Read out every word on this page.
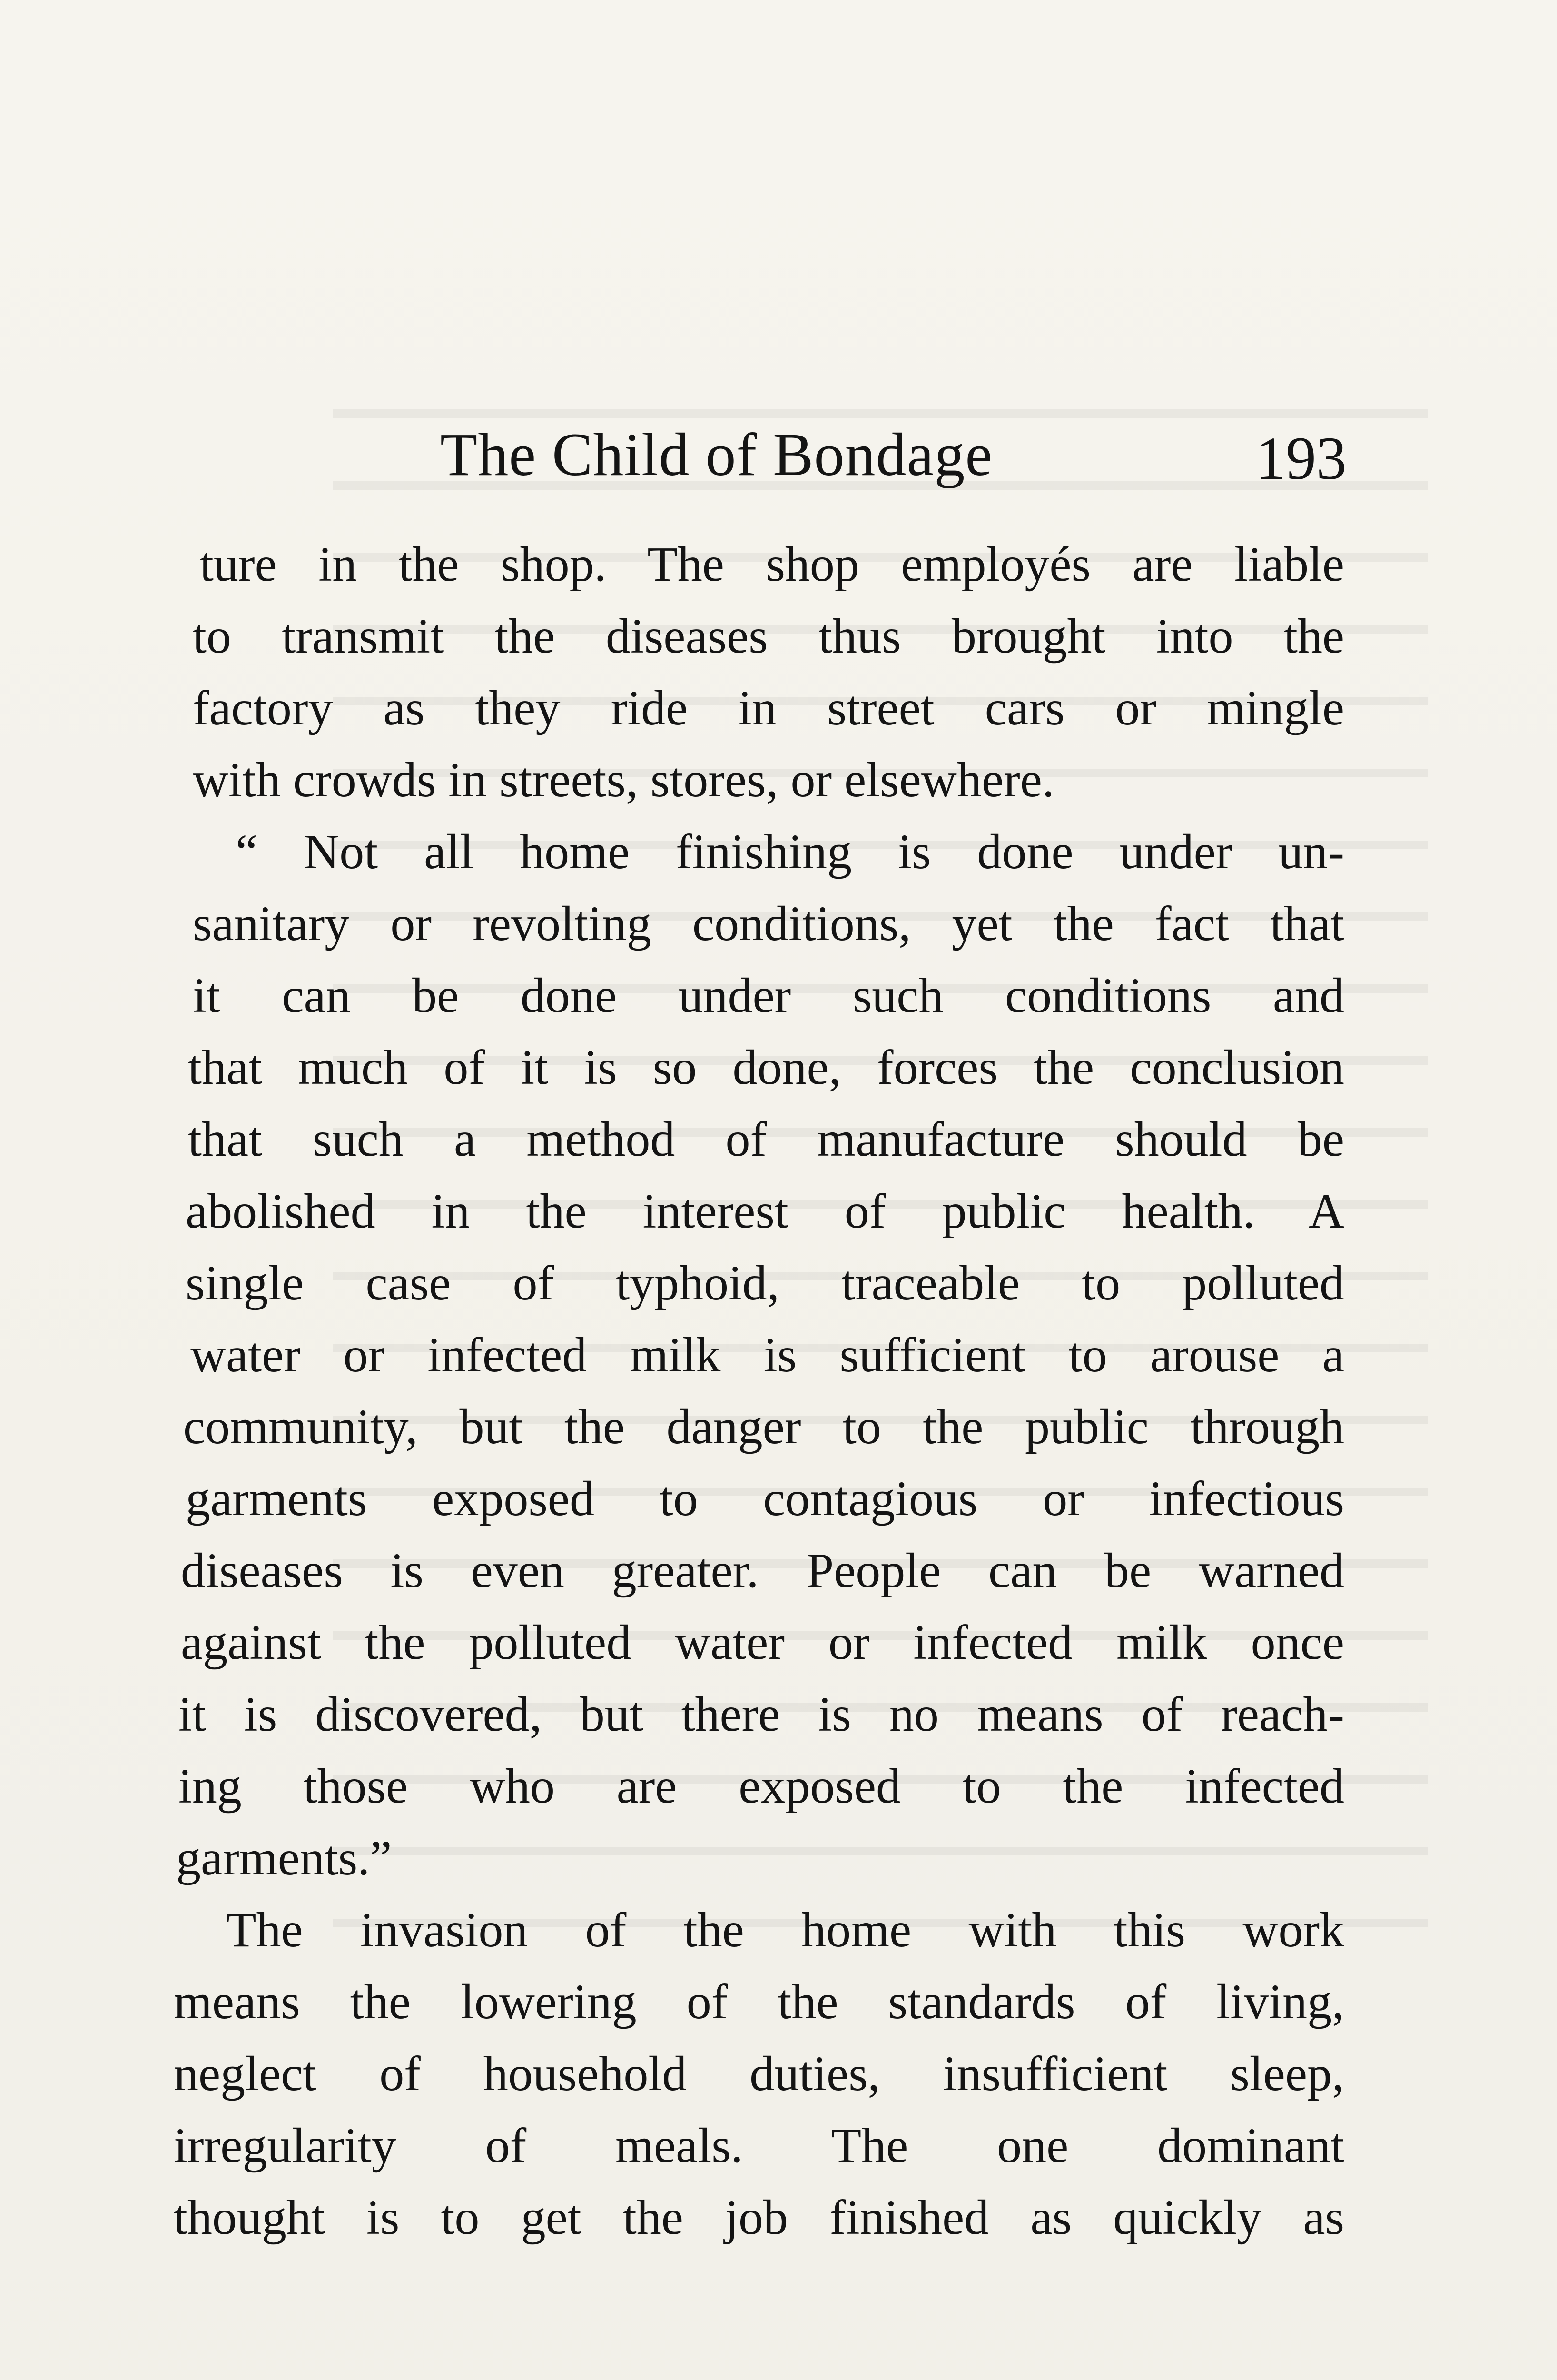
The Child of Bondage	193
ture in the shop. The shop employés are liable
to transmit the diseases thus brought into the
factory as they ride in street cars or mingle
with crowds in streets, stores, or elsewhere.
“ Not all home finishing is done under un-
sanitary or revolting conditions, yet the fact that
it can be done under such conditions and
that much of it is so done, forces the conclusion
that such a method of manufacture should be
abolished in the interest of public health. A
single case of typhoid, traceable to polluted
water or infected milk is sufficient to arouse a
community, but the danger to the public through
garments exposed to contagious or infectious
diseases is even greater. People can be warned
against the polluted water or infected milk once
it is discovered, but there is no means of reach-
ing those who are exposed to the infected
garments.”
The invasion of the home with this work
means the lowering of the standards of living,
neglect of household duties, insufficient sleep,
irregularity of meals. The one dominant
thought is to get the job finished as quickly as
